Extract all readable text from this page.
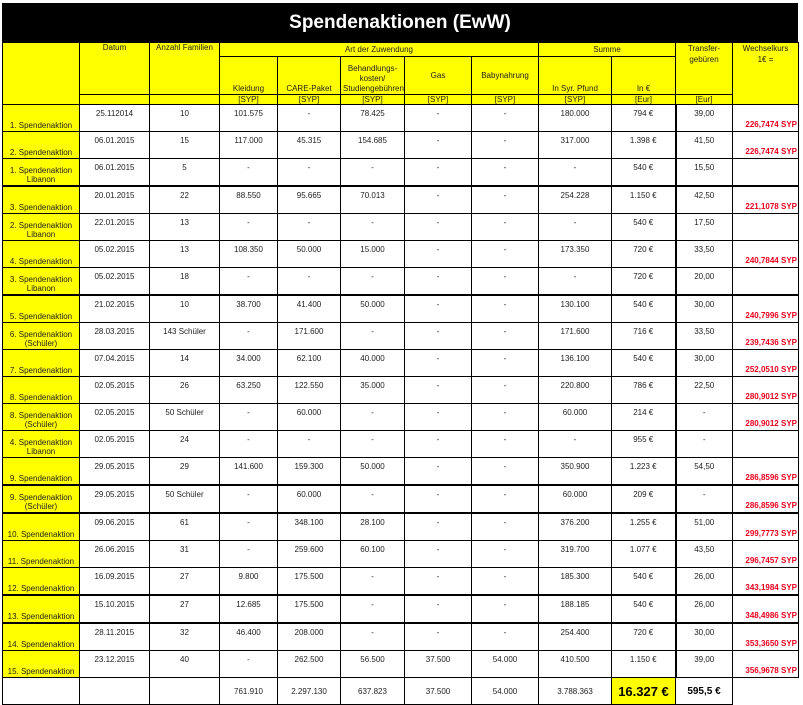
Spendenaktionen (EwW)
	Datum	Anzahl Familien	Art der Zuwendung					Summe		Transfer-
gebüren	Wechselkurs
1€ =
			Kleidung	CARE-Paket	Behandlungs-
kosten/
Studiengebühren	Gas	Babynahrung	In Syr. Pfund	In €		
			[SYP]	[SYP]	[SYP]	[SYP]	[SYP]	[SYP]	[Eur]	[Eur]	
1. Spendenaktion	25.112014	10	101.575	-	78.425	-	-	180.000	794 €	39,00	226,7474 SYP
2. Spendenaktion	06.01.2015	15	117.000	45.315	154.685	-	-	317.000	1.398 €	41,50	226,7474 SYP
1. Spendenaktion
Libanon	06.01.2015	5	-	-	-	-	-	-	540 €	15,50	
3. Spendenaktion	20.01.2015	22	88.550	95.665	70.013	-	-	254.228	1.150 €	42,50	221,1078 SYP
2. Spendenaktion
Libanon	22.01.2015	13	-	-	-	-	-	-	540 €	17,50	
4. Spendenaktion	05.02.2015	13	108.350	50.000	15.000	-	-	173.350	720 €	33,50	240,7844 SYP
3. Spendenaktion
Libanon	05.02.2015	18	-	-	-	-	-	-	720 €	20,00	
5. Spendenaktion	21.02.2015	10	38.700	41.400	50.000	-	-	130.100	540 €	30,00	240,7996 SYP
6. Spendenaktion
(Schüler)	28.03.2015	143 Schüler	-	171.600	-	-	-	171.600	716 €	33,50	239,7436 SYP
7. Spendenaktion	07.04.2015	14	34.000	62.100	40.000	-	-	136.100	540 €	30,00	252,0510 SYP
8. Spendenaktion	02.05.2015	26	63.250	122.550	35.000	-	-	220.800	786 €	22,50	280,9012 SYP
8. Spendenaktion
(Schüler)	02.05.2015	50 Schüler	-	60.000	-	-	-	60.000	214 €	-	280,9012 SYP
4. Spendenaktion
Libanon	02.05.2015	24	-	-	-	-	-	-	955 €	-	
9. Spendenaktion	29.05.2015	29	141.600	159.300	50.000	-	-	350.900	1.223 €	54,50	286,8596 SYP
9. Spendenaktion
(Schüler)	29.05.2015	50 Schüler	-	60.000	-	-	-	60.000	209 €	-	286,8596 SYP
10. Spendenaktion	09.06.2015	61	-	348.100	28.100	-	-	376.200	1.255 €	51,00	299,7773 SYP
11. Spendenaktion	26.06.2015	31	-	259.600	60.100	-	-	319.700	1.077 €	43,50	296,7457 SYP
12. Spendenaktion	16.09.2015	27	9.800	175.500	-	-	-	185.300	540 €	26,00	343,1984 SYP
13. Spendenaktion	15.10.2015	27	12.685	175.500	-	-	-	188.185	540 €	26,00	348,4986 SYP
14. Spendenaktion	28.11.2015	32	46.400	208.000	-	-	-	254.400	720 €	30,00	353,3650 SYP
15. Spendenaktion	23.12.2015	40	-	262.500	56.500	37.500	54.000	410.500	1.150 €	39,00	356,9678 SYP
			761.910	2.297.130	637.823	37.500	54.000	3.788.363	16.327 €	595,5 €	
